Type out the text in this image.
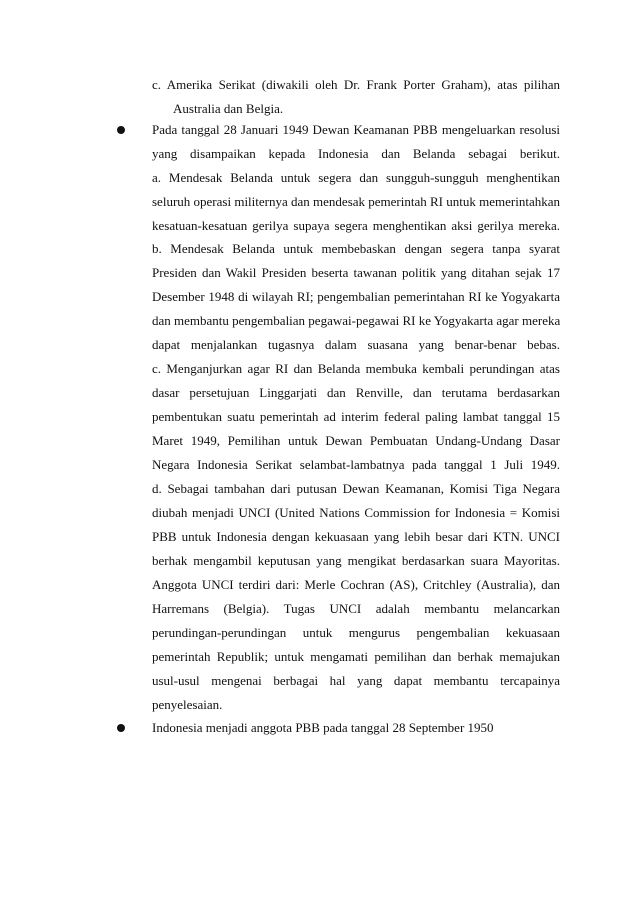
c. Amerika Serikat (diwakili oleh Dr. Frank Porter Graham), atas pilihan
Australia dan Belgia.
Pada tanggal 28 Januari 1949 Dewan Keamanan PBB mengeluarkan resolusi
yang disampaikan kepada Indonesia dan Belanda sebagai berikut.
a. Mendesak Belanda untuk segera dan sungguh-sungguh menghentikan
seluruh operasi militernya dan mendesak pemerintah RI untuk memerintahkan
kesatuan-kesatuan gerilya supaya segera menghentikan aksi gerilya mereka.
b. Mendesak Belanda untuk membebaskan dengan segera tanpa syarat
Presiden dan Wakil Presiden beserta tawanan politik yang ditahan sejak 17
Desember 1948 di wilayah RI; pengembalian pemerintahan RI ke Yogyakarta
dan membantu pengembalian pegawai-pegawai RI ke Yogyakarta agar mereka
dapat menjalankan tugasnya dalam suasana yang benar-benar bebas.
c. Menganjurkan agar RI dan Belanda membuka kembali perundingan atas
dasar persetujuan Linggarjati dan Renville, dan terutama berdasarkan
pembentukan suatu pemerintah ad interim federal paling lambat tanggal 15
Maret 1949, Pemilihan untuk Dewan Pembuatan Undang-Undang Dasar
Negara Indonesia Serikat selambat-lambatnya pada tanggal 1 Juli 1949.
d. Sebagai tambahan dari putusan Dewan Keamanan, Komisi Tiga Negara
diubah menjadi UNCI (United Nations Commission for Indonesia = Komisi
PBB untuk Indonesia dengan kekuasaan yang lebih besar dari KTN. UNCI
berhak mengambil keputusan yang mengikat berdasarkan suara Mayoritas.
Anggota UNCI terdiri dari: Merle Cochran (AS), Critchley (Australia), dan
Harremans (Belgia). Tugas UNCI adalah membantu melancarkan
perundingan-perundingan untuk mengurus pengembalian kekuasaan
pemerintah Republik; untuk mengamati pemilihan dan berhak memajukan
usul-usul mengenai berbagai hal yang dapat membantu tercapainya
penyelesaian.
Indonesia menjadi anggota PBB pada tanggal 28 September 1950
